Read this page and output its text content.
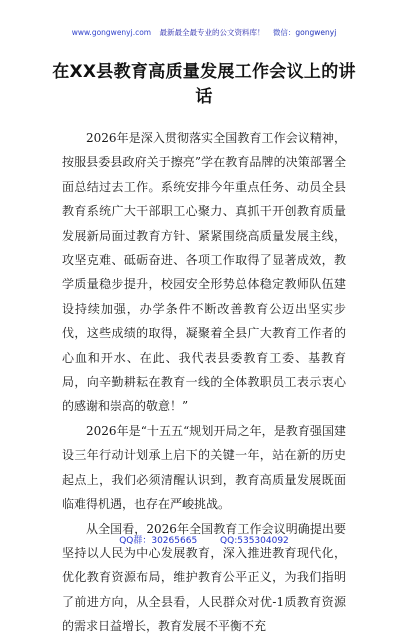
www.gongwenyj.com 最新最全最专业的公文资料库！ 微信：gongwenyj
在XX县教育高质量发展工作会议上的讲话

2026年是深入贯彻落实全国教育工作会议精神，按服县委县政府关于擦亮”学在教育品牌的决策部署全面总结过去工作。系统安排今年重点任务、动员全县教育系统广大干部职工心聚力、真抓干开创教育质量发展新局面过教育方针、紧紧围绕高质量发展主线，攻坚克难、砥砺奋进、各项工作取得了显著成效，教学质量稳步提升，校园安全形势总体稳定教师队伍建设持续加强，办学条件不断改善教育公迈出坚实步伐，这些成绩的取得，凝聚着全县广大教育工作者的心血和开水、在此、我代表县委教育工委、基教育局，向辛勤耕耘在教育一线的全体教职员工表示衷心的感谢和崇高的敬意！”

2026年是“十五五“规划开局之年，是教育强国建设三年行动计划承上启下的关键一年，站在新的历史起点上，我们必须清醒认识到，教育高质量发展既面临难得机遇，也存在严峻挑战。

从全国看，2026年全国教育工作会议明确提出要坚持以人民为中心发展教育，深入推进教育现代化，优化教育资源布局，维护教育公平正义，为我们指明了前进方向，从全县看，人民群众对优-1质教育资源的需求日益增长，教育发展不平衡不充

QQ群：30265665	QQ:535304092
